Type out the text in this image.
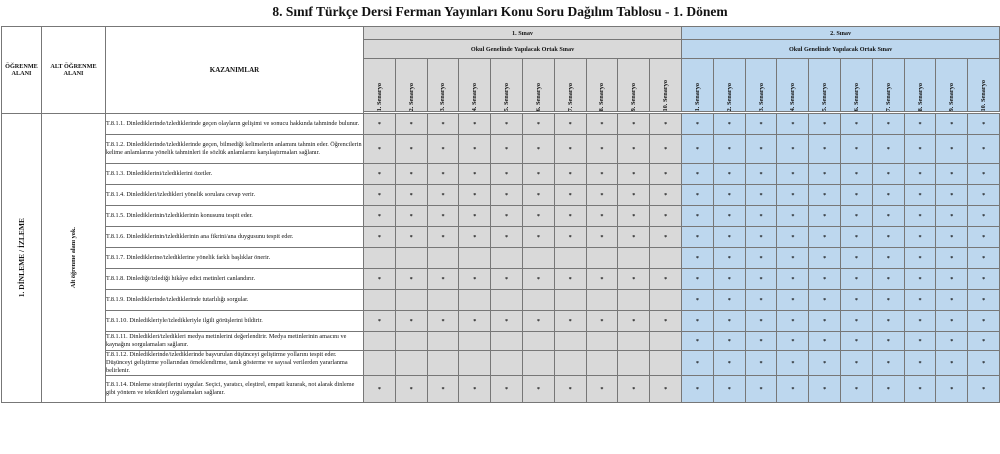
8. Sınıf Türkçe Dersi Ferman Yayınları Konu Soru Dağılım Tablosu - 1. Dönem
ÖĞRENME ALANI	ALT ÖĞRENME ALANI	KAZANIMLAR	1. Sınav										2. Sınav									
			Okul Genelinde Yapılacak Ortak Sınav										Okul Genelinde Yapılacak Ortak Sınav									

			1. Senaryo	2. Senaryo	3. Senaryo	4. Senaryo	5. Senaryo	6. Senaryo	7. Senaryo	8. Senaryo	9. Senaryo	10. Senaryo	1. Senaryo	2. Senaryo	3. Senaryo	4. Senaryo	5. Senaryo	6. Senaryo	7. Senaryo	8. Senaryo	9. Senaryo	10. Senaryo

1. DİNLEME / İZLEME	Alt öğrenme alanı yok.	T.8.1.1. Dinlediklerinde/izlediklerinde geçen olayların gelişimi ve sonucu hakkında tahminde bulunur.	*	*	*	*	*	*	*	*	*	*	*	*	*	*	*	*	*	*	*	*
		T.8.1.2. Dinlediklerinde/izlediklerinde geçen, bilmediği kelimelerin anlamını tahmin eder. Öğrencilerin kelime anlamlarına yönelik tahminleri ile sözlük anlamlarını karşılaştırmaları sağlanır.	*	*	*	*	*	*	*	*	*	*	*	*	*	*	*	*	*	*	*	*
		T.8.1.3. Dinlediklerini/izlediklerini özetler.	*	*	*	*	*	*	*	*	*	*	*	*	*	*	*	*	*	*	*	*
		T.8.1.4. Dinledikleri/izledikleri yönelik sorulara cevap verir.	*	*	*	*	*	*	*	*	*	*	*	*	*	*	*	*	*	*	*	*
		T.8.1.5. Dinlediklerinin/izlediklerinin konusunu tespit eder.	*	*	*	*	*	*	*	*	*	*	*	*	*	*	*	*	*	*	*	*
		T.8.1.6. Dinlediklerinin/izlediklerinin ana fikrini/ana duygusunu tespit eder.	*	*	*	*	*	*	*	*	*	*	*	*	*	*	*	*	*	*	*	*
		T.8.1.7. Dinlediklerine/izlediklerine yönelik farklı başlıklar önerir.											*	*	*	*	*	*	*	*	*	*
		T.8.1.8. Dinlediği/izlediği hikâye edici metinleri canlandırır.	*	*	*	*	*	*	*	*	*	*	*	*	*	*	*	*	*	*	*	*
		T.8.1.9. Dinlediklerinde/izlediklerinde tutarlılığı sorgular.											*	*	*	*	*	*	*	*	*	*
		T.8.1.10. Dinledikleriyle/izledikleriyle ilgili görüşlerini bildirir.	*	*	*	*	*	*	*	*	*	*	*	*	*	*	*	*	*	*	*	*
		T.8.1.11. Dinledikleri/izledikleri medya metinlerini değerlendirir. Medya metinlerinin amacını ve kaynağını sorgulamaları sağlanır.											*	*	*	*	*	*	*	*	*	*
		T.8.1.12. Dinlediklerinde/izlediklerinde başvurulan düşünceyi geliştirme yollarını tespit eder. Düşünceyi geliştirme yollarından örneklendirme, tanık gösterme ve sayısal verilerden yararlanma belirlenir.											*	*	*	*	*	*	*	*	*	*
		T.8.1.14. Dinleme stratejilerini uygular. Seçici, yaratıcı, eleştirel, empati kurarak, not alarak dinleme gibi yöntem ve teknikleri uygulamaları sağlanır.	*	*	*	*	*	*	*	*	*	*	*	*	*	*	*	*	*	*	*	*
